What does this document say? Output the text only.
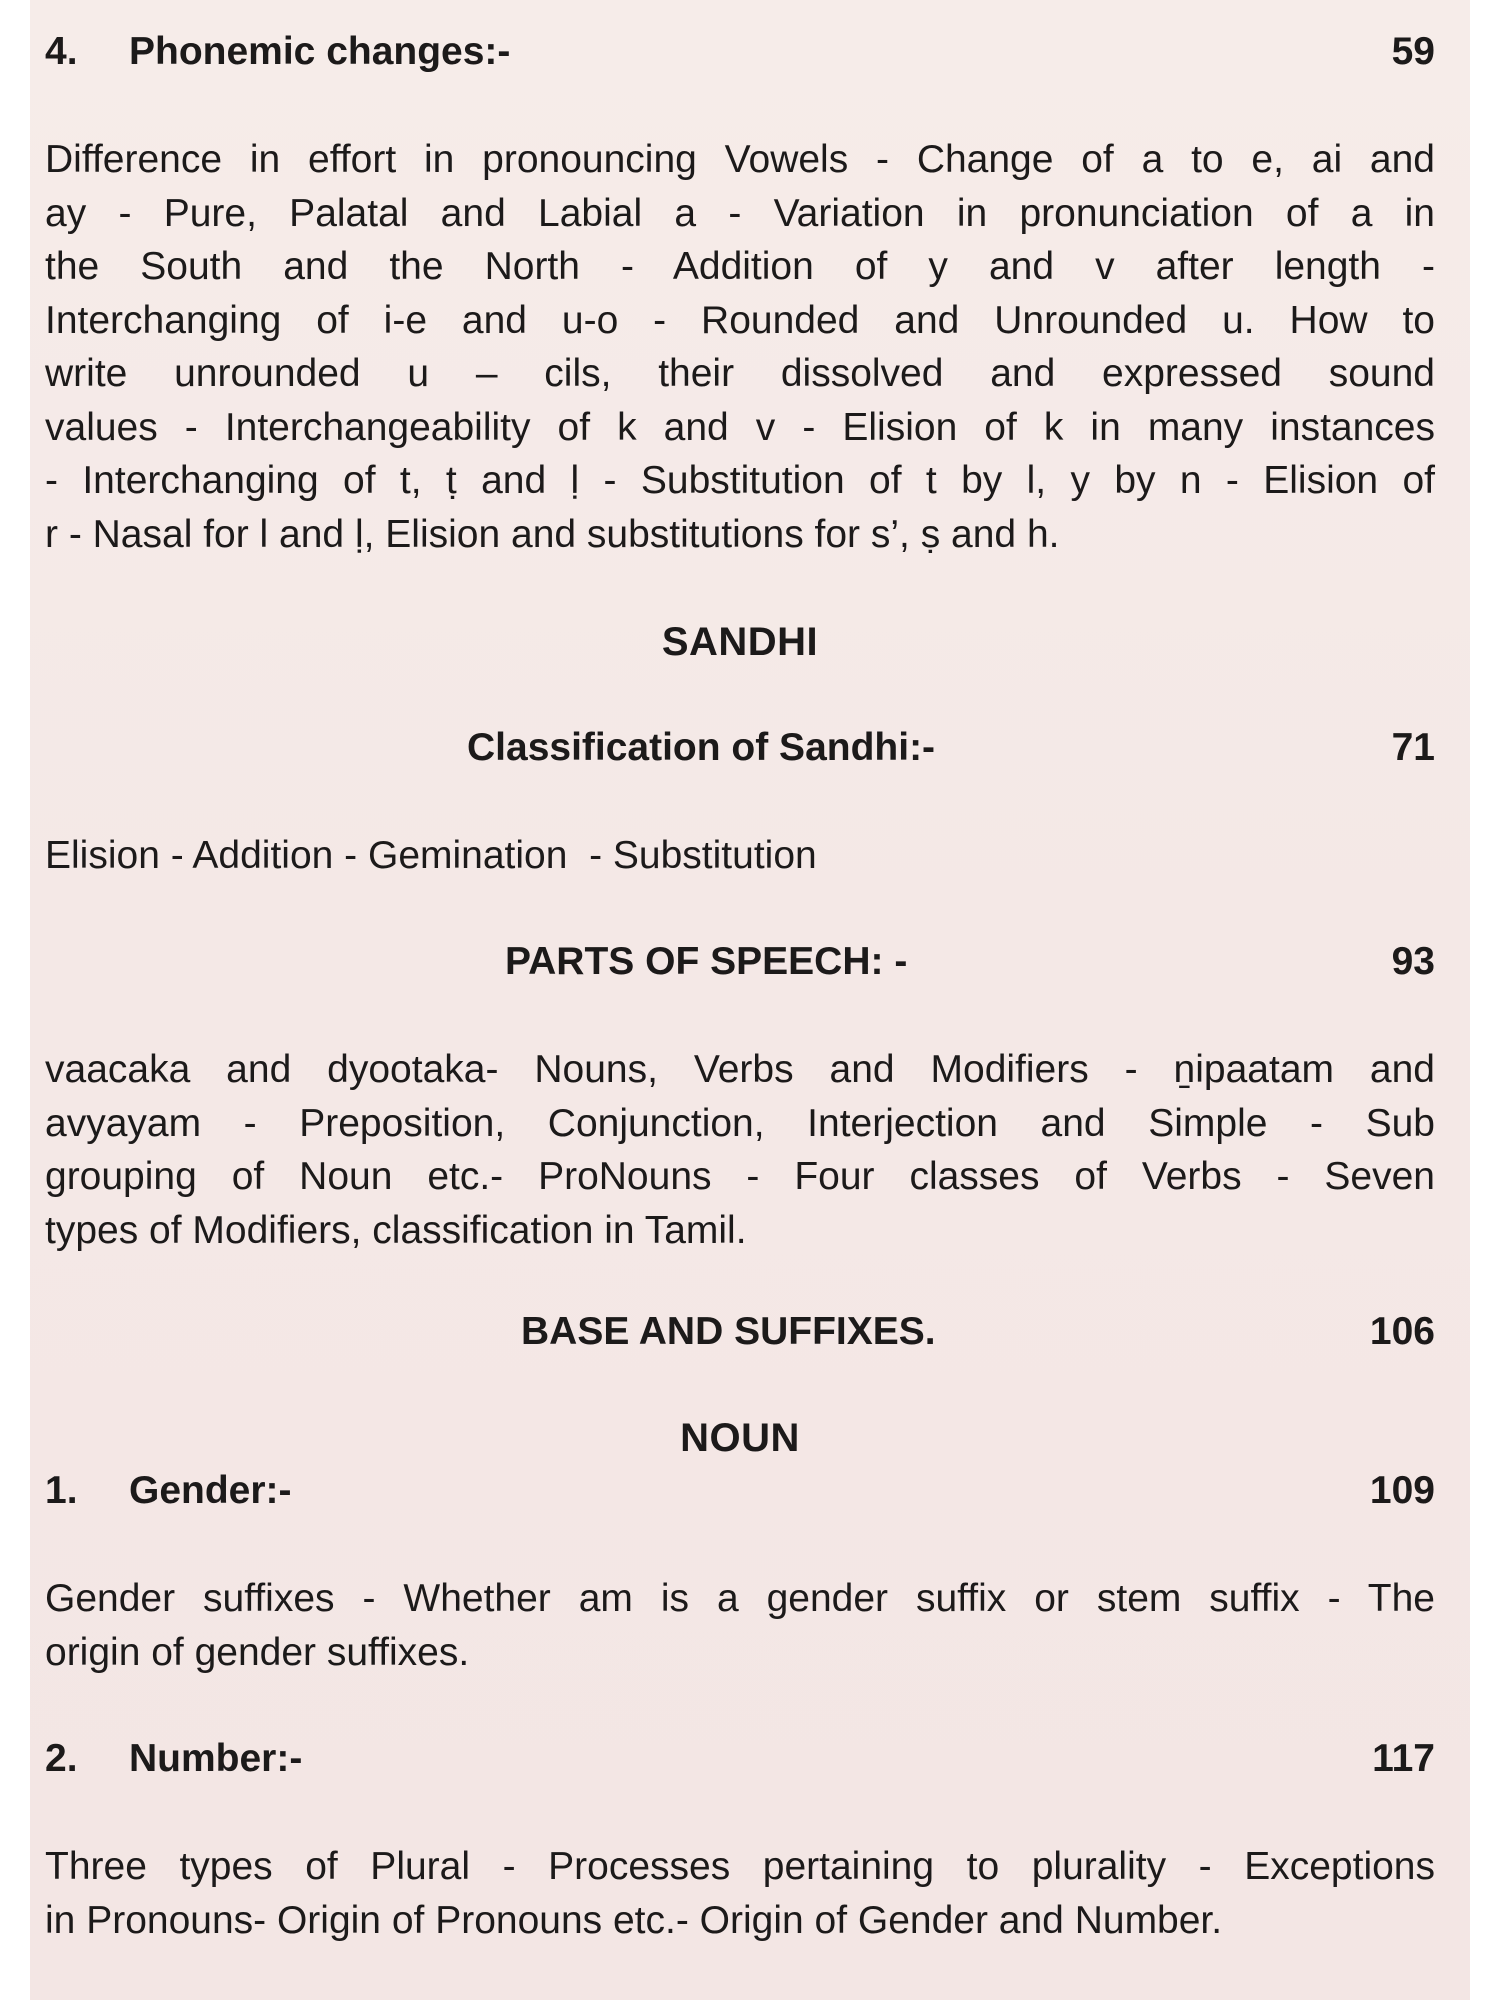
4. Phonemic changes:-	59
Difference in effort in pronouncing Vowels - Change of a to e, ai and
ay - Pure, Palatal and Labial a - Variation in pronunciation of a in
the South and the North - Addition of y and v after length -
Interchanging of i-e and u-o - Rounded and Unrounded u. How to
write unrounded u – cils, their dissolved and expressed sound
values - Interchangeability of k and v - Elision of k in many instances
- Interchanging of t, ṭ and ḷ - Substitution of t by l, y by n - Elision of
r - Nasal for l and ḷ, Elision and substitutions for s’, ṣ and h.
SANDHI
Classification of Sandhi:-	71
Elision - Addition - Gemination  - Substitution
PARTS OF SPEECH: -	93
vaacaka and dyootaka- Nouns, Verbs and Modifiers - ṉipaatam and
avyayam - Preposition, Conjunction, Interjection and Simple - Sub
grouping of Noun etc.- ProNouns - Four classes of Verbs - Seven
types of Modifiers, classification in Tamil.
BASE AND SUFFIXES.	106
NOUN
1. Gender:-	109
Gender suffixes - Whether am is a gender suffix or stem suffix - The
origin of gender suffixes.
2. Number:-	117
Three types of Plural - Processes pertaining to plurality - Exceptions
in Pronouns- Origin of Pronouns etc.- Origin of Gender and Number.
